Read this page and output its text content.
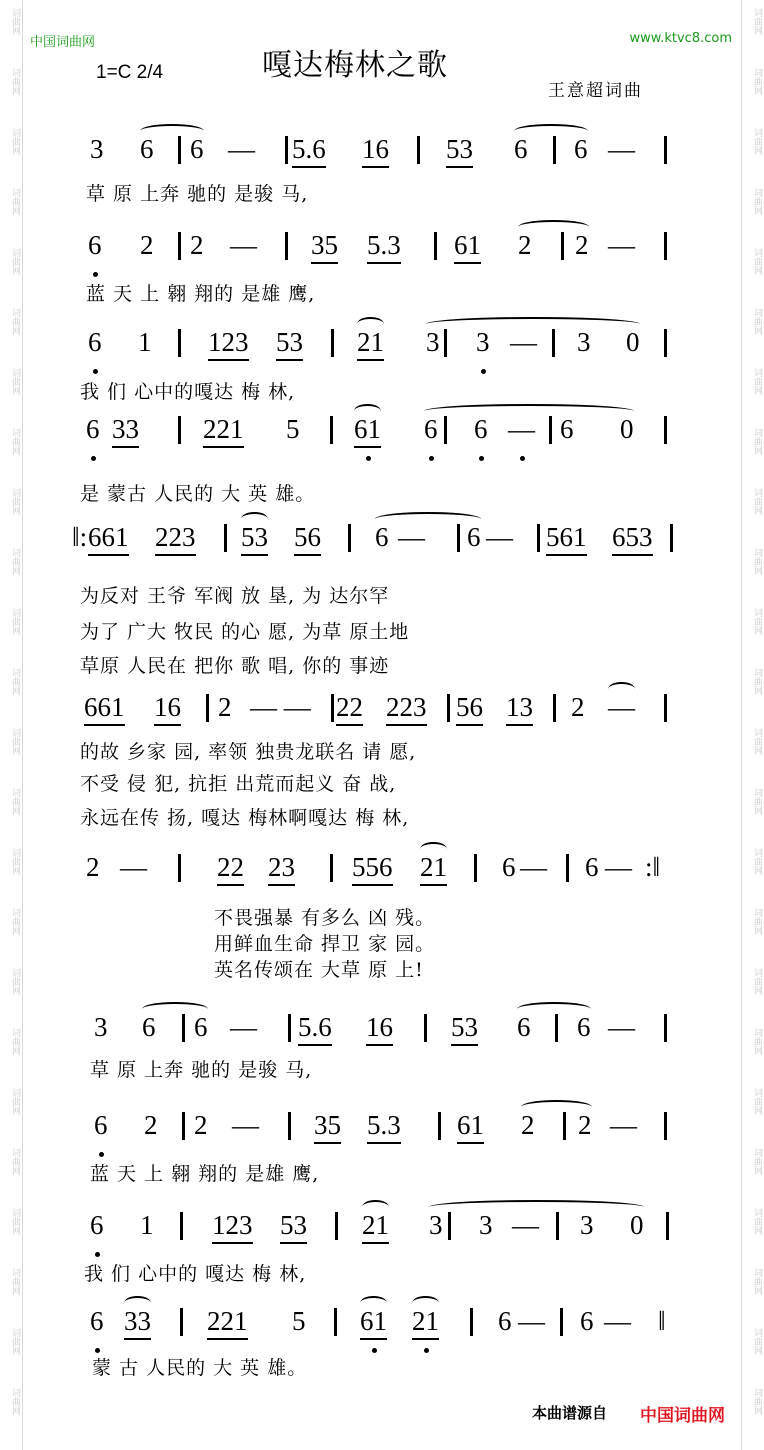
词曲网
词曲网
词曲网
词曲网
词曲网
词曲网
词曲网
词曲网
词曲网
词曲网
词曲网
词曲网
词曲网
词曲网
词曲网
词曲网
词曲网
词曲网
词曲网
词曲网
词曲网
词曲网
词曲网
词曲网
词曲网
词曲网
词曲网
词曲网
词曲网
词曲网
词曲网
词曲网
词曲网
词曲网
词曲网
词曲网
词曲网
词曲网
词曲网
词曲网
词曲网
词曲网
词曲网
词曲网
词曲网
词曲网
词曲网
词曲网
中国词曲网	www.ktvc8.com
嘎达梅林之歌
1=C 2/4
王意超词曲
3 6 6 — 5.6 16 53 6 6 —
草 原 上奔 驰的 是骏 马,
6 2 2 — 35 5.3 61 2 2 —
蓝 天 上 翱 翔的 是雄 鹰,
6 1 123 53 21 3 3 — 3 0
我 们 心中的嘎达 梅 林,
6 33 221 5 61 6 6 — 6 0
是 蒙古 人民的 大 英 雄。
‖: 661 223 53 56 6 — 6 — 561 653
为反对 王爷 军阀 放 垦, 为 达尔罕
为了 广大 牧民 的心 愿, 为草 原土地
草原 人民在 把你 歌 唱, 你的 事迹
661 16 2 — — 22 223 56 13 2 —
的故 乡家 园, 率领 独贵龙联名 请 愿,
不受 侵 犯, 抗拒 出荒而起义 奋 战,
永远在传 扬, 嘎达 梅林啊嘎达 梅 林,
2 —	22 23 556 21 6 — 6 — :‖
不畏强暴 有多么 凶 残。
用鲜血生命 捍卫 家 园。
英名传颂在 大草 原 上!
3 6 6 — 5.6 16 53 6 6 —
草 原 上奔 驰的 是骏 马,
6 2 2 — 35 5.3 61 2 2 —
蓝 天 上 翱 翔的 是雄 鹰,
6 1 123 53 21 3 3 — 3 0
我 们 心中的 嘎达 梅 林,
6 33 221 5 61 21 6 — 6 — ‖
蒙 古 人民的 大 英 雄。
本曲谱源自 中国词曲网
